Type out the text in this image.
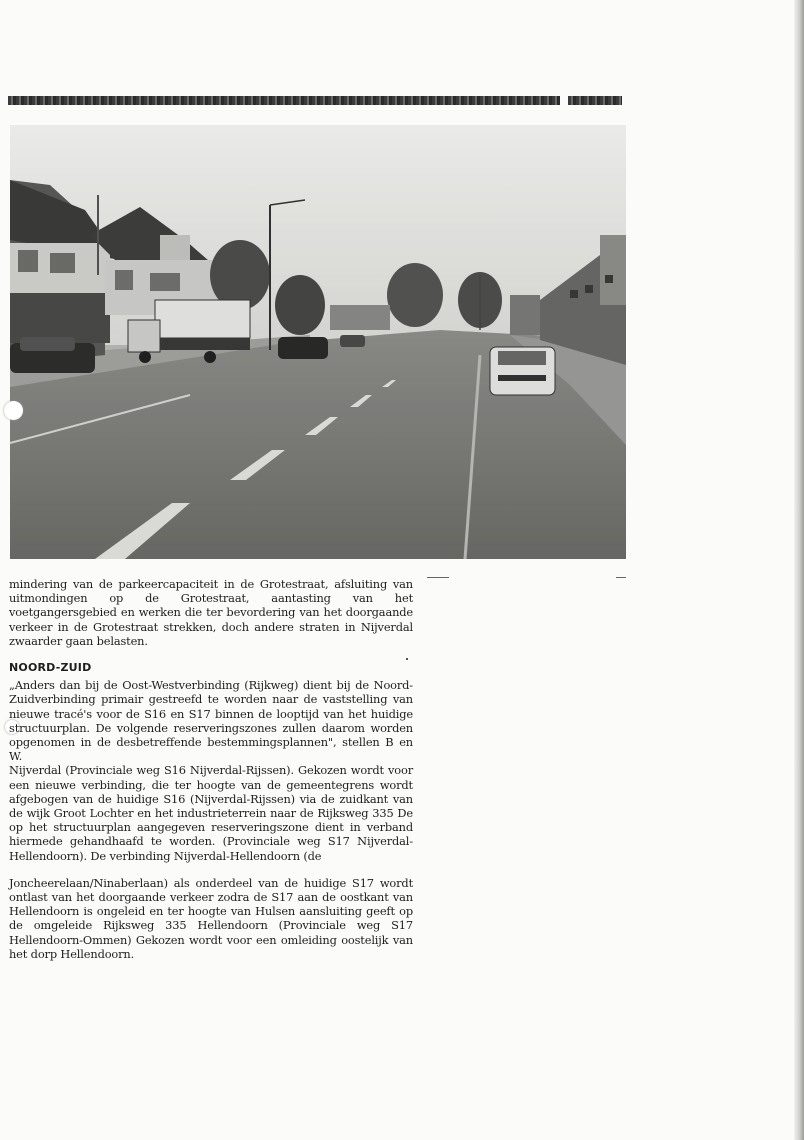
mindering van de parkeercapaciteit in de Grotestraat, afsluiting van uitmondingen op de Grotestraat, aantasting van het voetgangersgebied en werken die ter bevordering van het doorgaande verkeer in de Grotestraat strekken, doch andere straten in Nijverdal zwaarder gaan belasten.

NOORD-ZUID

„Anders dan bij de Oost-Westverbinding (Rijkweg) dient bij de Noord-Zuidverbinding primair gestreefd te worden naar de vaststelling van nieuwe tracé's voor de S16 en S17 binnen de looptijd van het huidige structuurplan. De volgende reserveringszones zullen daarom worden opgenomen in de desbetreffende bestemmingsplannen", stellen B en W.

Nijverdal (Provinciale weg S16 Nijverdal-Rijssen). Gekozen wordt voor een nieuwe verbinding, die ter hoogte van de gemeentegrens wordt afgebogen van de huidige S16 (Nijverdal-Rijssen) via de zuidkant van de wijk Groot Lochter en het industrieterrein naar de Rijksweg 335 De op het structuurplan aangegeven reserveringszone dient in verband hiermede gehandhaafd te worden. (Provinciale weg S17 Nijverdal-Hellendoorn). De verbinding Nijverdal-Hellendoorn (de

Joncheerelaan/Ninaberlaan) als onderdeel van de huidige S17 wordt ontlast van het doorgaande verkeer zodra de S17 aan de oostkant van Hellendoorn is ongeleid en ter hoogte van Hulsen aansluiting geeft op de omgeleide Rijksweg 335 Hellendoorn (Provinciale weg S17 Hellendoorn-Ommen) Gekozen wordt voor een omleiding oostelijk van het dorp Hellendoorn.
